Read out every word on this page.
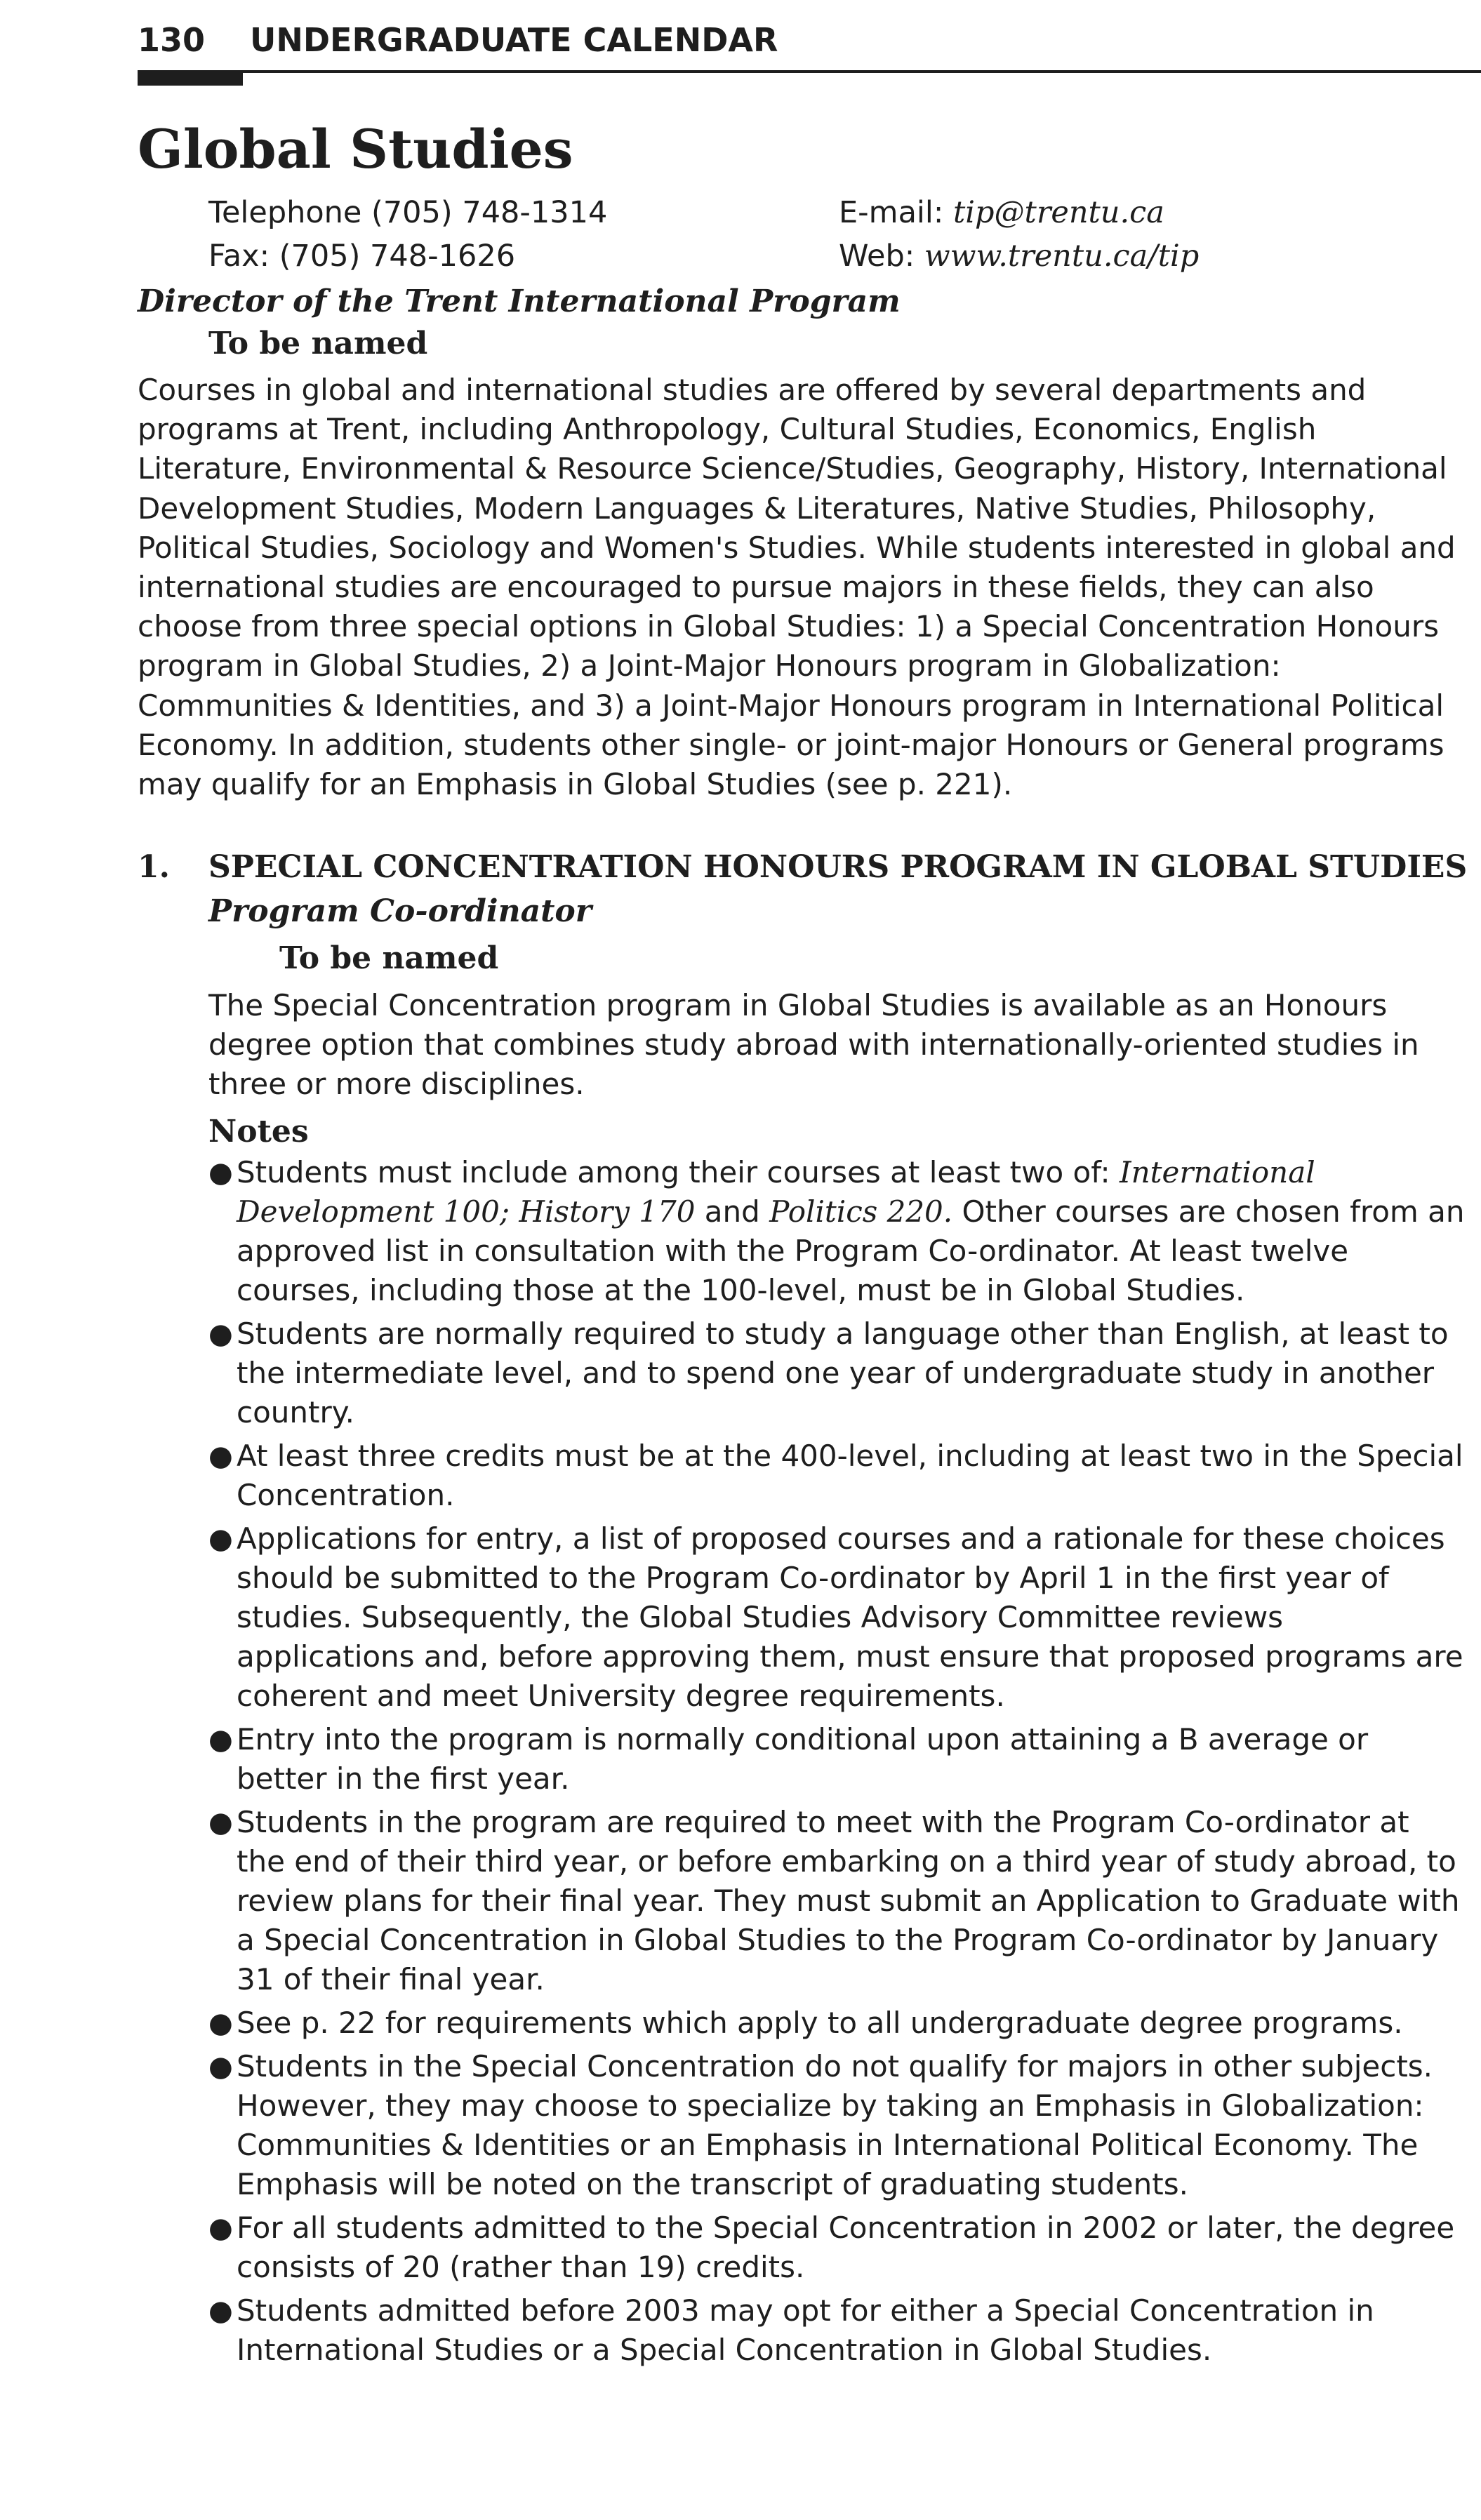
130 UNDERGRADUATE CALENDAR
Global Studies
Telephone (705) 748-1314
Fax: (705) 748-1626
E-mail: tip@trentu.ca
Web: www.trentu.ca/tip
Director of the Trent International Program
To be named
Courses in global and international studies are offered by several departments and programs at Trent, including Anthropology, Cultural Studies, Economics, English Literature, Environmental & Resource Science/Studies, Geography, History, International Development Studies, Modern Languages & Literatures, Native Studies, Philosophy, Political Studies, Sociology and Women's Studies. While students interested in global and international studies are encouraged to pursue majors in these fields, they can also choose from three special options in Global Studies: 1) a Special Concentration Honours program in Global Studies, 2) a Joint-Major Honours program in Globalization: Communities & Identities, and 3) a Joint-Major Honours program in International Political Economy. In addition, students other single- or joint-major Honours or General programs may qualify for an Emphasis in Global Studies (see p. 221).
1. SPECIAL CONCENTRATION HONOURS PROGRAM IN GLOBAL STUDIES
Program Co-ordinator
To be named
The Special Concentration program in Global Studies is available as an Honours degree option that combines study abroad with internationally-oriented studies in three or more disciplines.
Notes
● Students must include among their courses at least two of: International Development 100; History 170 and Politics 220. Other courses are chosen from an approved list in consultation with the Program Co-ordinator. At least twelve courses, including those at the 100-level, must be in Global Studies.
● Students are normally required to study a language other than English, at least to the intermediate level, and to spend one year of undergraduate study in another country.
● At least three credits must be at the 400-level, including at least two in the Special Concentration.
● Applications for entry, a list of proposed courses and a rationale for these choices should be submitted to the Program Co-ordinator by April 1 in the first year of studies. Subsequently, the Global Studies Advisory Committee reviews applications and, before approving them, must ensure that proposed programs are coherent and meet University degree requirements.
● Entry into the program is normally conditional upon attaining a B average or better in the first year.
● Students in the program are required to meet with the Program Co-ordinator at the end of their third year, or before embarking on a third year of study abroad, to review plans for their final year. They must submit an Application to Graduate with a Special Concentration in Global Studies to the Program Co-ordinator by January 31 of their final year.
● See p. 22 for requirements which apply to all undergraduate degree programs.
● Students in the Special Concentration do not qualify for majors in other subjects. However, they may choose to specialize by taking an Emphasis in Globalization: Communities & Identities or an Emphasis in International Political Economy. The Emphasis will be noted on the transcript of graduating students.
● For all students admitted to the Special Concentration in 2002 or later, the degree consists of 20 (rather than 19) credits.
● Students admitted before 2003 may opt for either a Special Concentration in International Studies or a Special Concentration in Global Studies.
